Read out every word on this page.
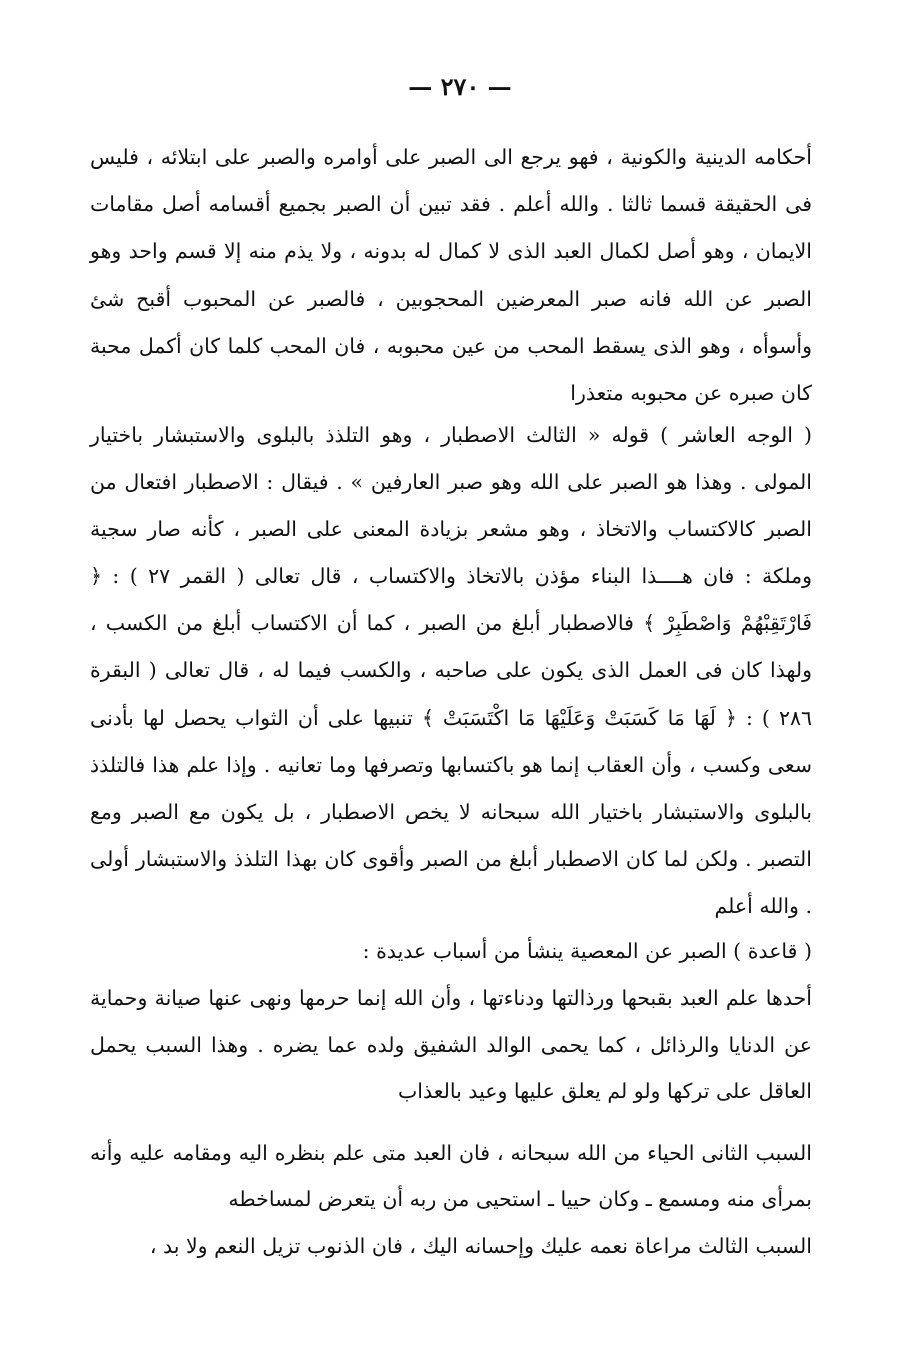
— ٢٧٠ —

أحكامه الدينية والكونية ، فهو يرجع الى الصبر على أوامره والصبر على ابتلائه ، فليس فى الحقيقة قسما ثالثا . والله أعلم . فقد تبين أن الصبر بجميع أقسامه أصل مقامات الايمان ، وهو أصل لكمال العبد الذى لا كمال له بدونه ، ولا يذم منه إلا قسم واحد وهو الصبر عن الله فانه صبر المعرضين المحجوبين ، فالصبر عن المحبوب أقبح شئ وأسوأه ، وهو الذى يسقط المحب من عين محبوبه ، فان المحب كلما كان أكمل محبة كان صبره عن محبوبه متعذرا

( الوجه العاشر ) قوله « الثالث الاصطبار ، وهو التلذذ بالبلوى والاستبشار باختيار المولى . وهذا هو الصبر على الله وهو صبر العارفين » . فيقال : الاصطبار افتعال من الصبر كالاكتساب والاتخاذ ، وهو مشعر بزيادة المعنى على الصبر ، كأنه صار سجية وملكة : فان هــــذا البناء مؤذن بالاتخاذ والاكتساب ، قال تعالى ( القمر ٢٧ ) : ﴿ فَارْتَقِبْهُمْ وَاصْطَبِرْ ﴾ فالاصطبار أبلغ من الصبر ، كما أن الاكتساب أبلغ من الكسب ، ولهذا كان فى العمل الذى يكون على صاحبه ، والكسب فيما له ، قال تعالى ( البقرة ٢٨٦ ) : ﴿ لَهَا مَا كَسَبَتْ وَعَلَيْهَا مَا اكْتَسَبَتْ ﴾ تنبيها على أن الثواب يحصل لها بأدنى سعى وكسب ، وأن العقاب إنما هو باكتسابها وتصرفها وما تعانيه . وإذا علم هذا فالتلذذ بالبلوى والاستبشار باختيار الله سبحانه لا يخص الاصطبار ، بل يكون مع الصبر ومع التصبر . ولكن لما كان الاصطبار أبلغ من الصبر وأقوى كان بهذا التلذذ والاستبشار أولى . والله أعلم

( قاعدة ) الصبر عن المعصية ينشأ من أسباب عديدة :

أحدها علم العبد بقبحها ورذالتها ودناءتها ، وأن الله إنما حرمها ونهى عنها صيانة وحماية عن الدنايا والرذائل ، كما يحمى الوالد الشفيق ولده عما يضره . وهذا السبب يحمل العاقل على تركها ولو لم يعلق عليها وعيد بالعذاب

السبب الثانى الحياء من الله سبحانه ، فان العبد متى علم بنظره اليه ومقامه عليه وأنه بمرأى منه ومسمع ـ وكان حييا ـ استحيى من ربه أن يتعرض لمساخطه

السبب الثالث مراعاة نعمه عليك وإحسانه اليك ، فان الذنوب تزيل النعم ولا بد ،
